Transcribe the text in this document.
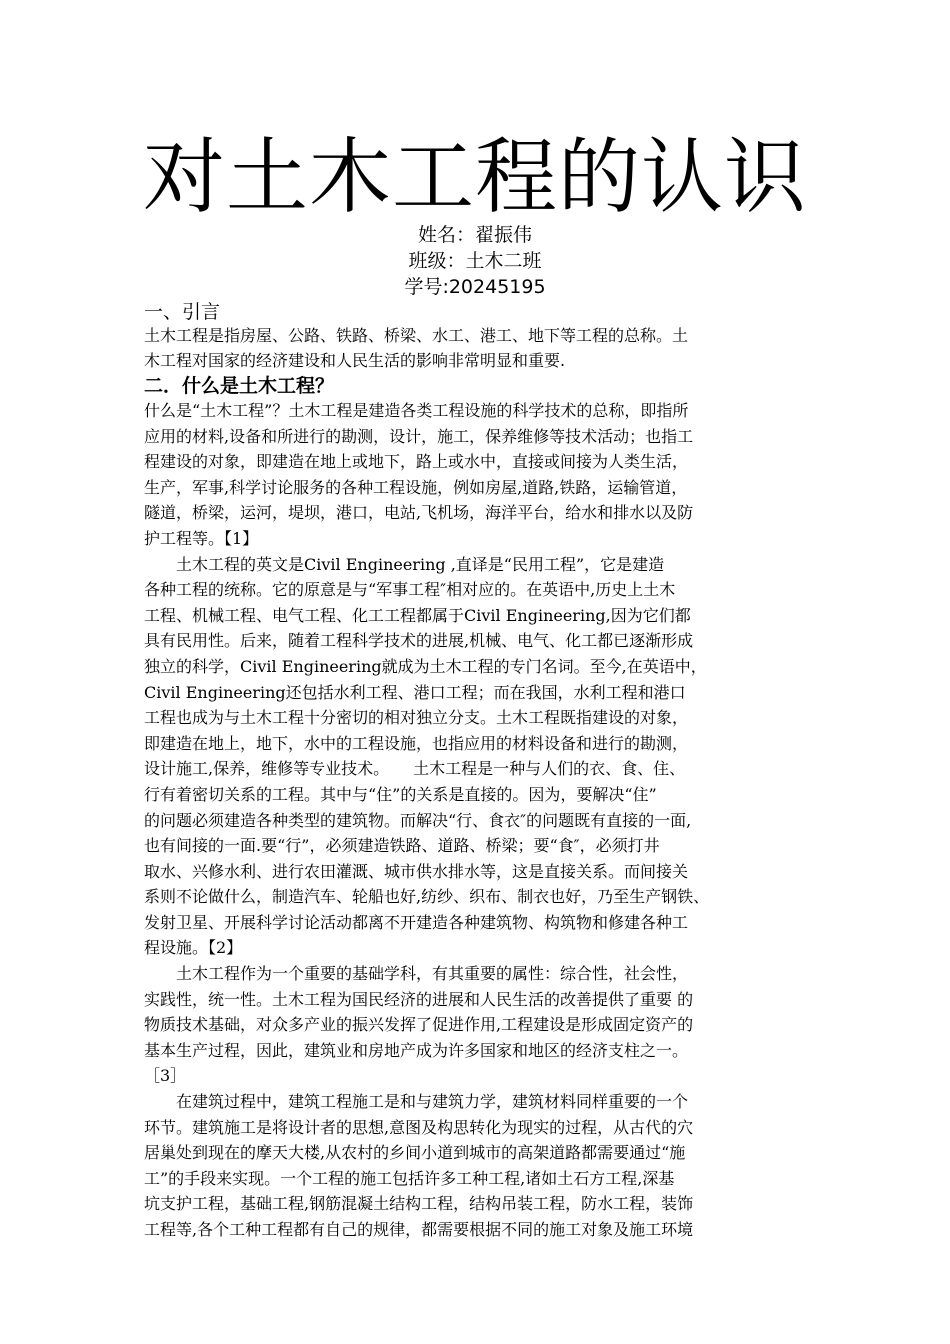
对土木工程的认识
姓名：翟振伟
班级：土木二班
学号:20245195
一、引言
土木工程是指房屋、公路、铁路、桥梁、水工、港工、地下等工程的总称。土
木工程对国家的经济建设和人民生活的影响非常明显和重要.
二．什么是土木工程？
什么是“土木工程”？土木工程是建造各类工程设施的科学技术的总称，即指所
应用的材料,设备和所进行的勘测，设计，施工，保养维修等技术活动；也指工
程建设的对象，即建造在地上或地下，路上或水中，直接或间接为人类生活，
生产，军事,科学讨论服务的各种工程设施，例如房屋,道路,铁路，运输管道，
隧道，桥梁，运河，堤坝，港口，电站,飞机场，海洋平台，给水和排水以及防
护工程等。【1】
　　土木工程的英文是Civil Engineering ,直译是“民用工程”，它是建造
各种工程的统称。它的原意是与“军事工程″相对应的。在英语中,历史上土木
工程、机械工程、电气工程、化工工程都属于Civil Engineering,因为它们都
具有民用性。后来，随着工程科学技术的进展,机械、电气、化工都已逐渐形成
独立的科学，Civil Engineering就成为土木工程的专门名词。至今,在英语中，
Civil Engineering还包括水利工程、港口工程；而在我国，水利工程和港口
工程也成为与土木工程十分密切的相对独立分支。土木工程既指建设的对象，
即建造在地上，地下，水中的工程设施，也指应用的材料设备和进行的勘测，
设计施工,保养，维修等专业技术。　　土木工程是一种与人们的衣、食、住、
行有着密切关系的工程。其中与“住”的关系是直接的。因为，要解决“住”
的问题必须建造各种类型的建筑物。而解决“行、食衣″的问题既有直接的一面,
也有间接的一面.要“行”，必须建造铁路、道路、桥梁；要“食″，必须打井
取水、兴修水利、进行农田灌溉、城市供水排水等，这是直接关系。而间接关
系则不论做什么，制造汽车、轮船也好,纺纱、织布、制衣也好，乃至生产钢铁、
发射卫星、开展科学讨论活动都离不开建造各种建筑物、构筑物和修建各种工
程设施。【2】
　　土木工程作为一个重要的基础学科，有其重要的属性：综合性，社会性，
实践性，统一性。土木工程为国民经济的进展和人民生活的改善提供了重要 的
物质技术基础，对众多产业的振兴发挥了促进作用,工程建设是形成固定资产的
基本生产过程，因此，建筑业和房地产成为许多国家和地区的经济支柱之一。
［3］
　　在建筑过程中，建筑工程施工是和与建筑力学，建筑材料同样重要的一个
环节。建筑施工是将设计者的思想,意图及构思转化为现实的过程，从古代的穴
居巢处到现在的摩天大楼,从农村的乡间小道到城市的高架道路都需要通过“施
工”的手段来实现。一个工程的施工包括许多工种工程,诸如土石方工程,深基
坑支护工程，基础工程,钢筋混凝土结构工程，结构吊装工程，防水工程，装饰
工程等,各个工种工程都有自己的规律，都需要根据不同的施工对象及施工环境
